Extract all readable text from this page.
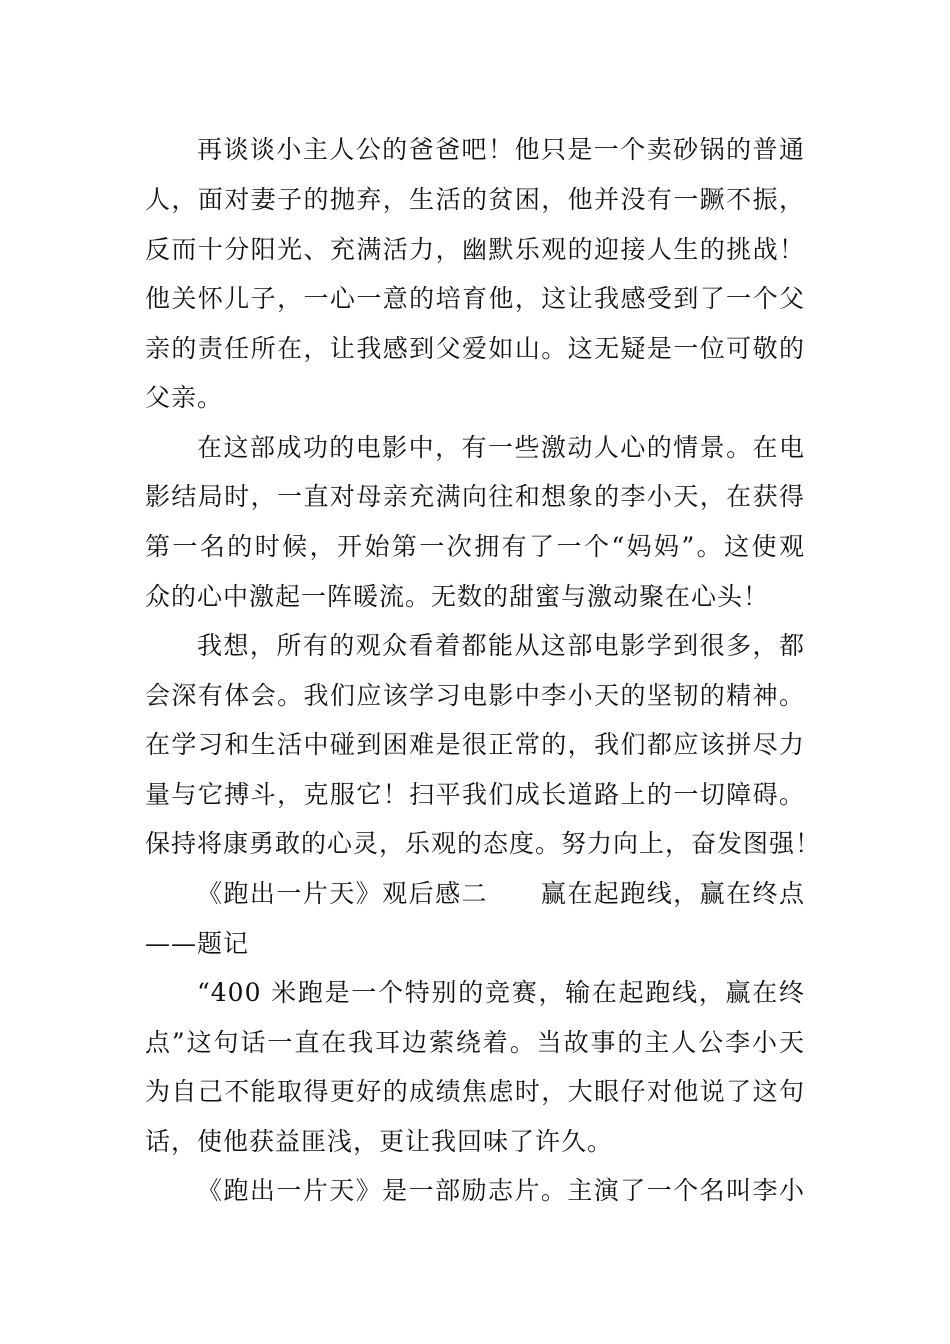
再谈谈小主人公的爸爸吧！他只是一个卖砂锅的普通
人，面对妻子的抛弃，生活的贫困，他并没有一蹶不振，
反而十分阳光、充满活力，幽默乐观的迎接人生的挑战！
他关怀儿子，一心一意的培育他，这让我感受到了一个父
亲的责任所在，让我感到父爱如山。这无疑是一位可敬的
父亲。
在这部成功的电影中，有一些激动人心的情景。在电
影结局时，一直对母亲充满向往和想象的李小天，在获得
第一名的时候，开始第一次拥有了一个“妈妈”。这使观
众的心中激起一阵暖流。无数的甜蜜与激动聚在心头！
我想，所有的观众看着都能从这部电影学到很多，都
会深有体会。我们应该学习电影中李小天的坚韧的精神。
在学习和生活中碰到困难是很正常的，我们都应该拼尽力
量与它搏斗，克服它！扫平我们成长道路上的一切障碍。
保持将康勇敢的心灵，乐观的态度。努力向上，奋发图强！
《跑出一片天》观后感二　　赢在起跑线，赢在终点
——题记
“400 米跑是一个特别的竞赛，输在起跑线，赢在终
点”这句话一直在我耳边萦绕着。当故事的主人公李小天
为自己不能取得更好的成绩焦虑时，大眼仔对他说了这句
话，使他获益匪浅，更让我回味了许久。
《跑出一片天》是一部励志片。主演了一个名叫李小
